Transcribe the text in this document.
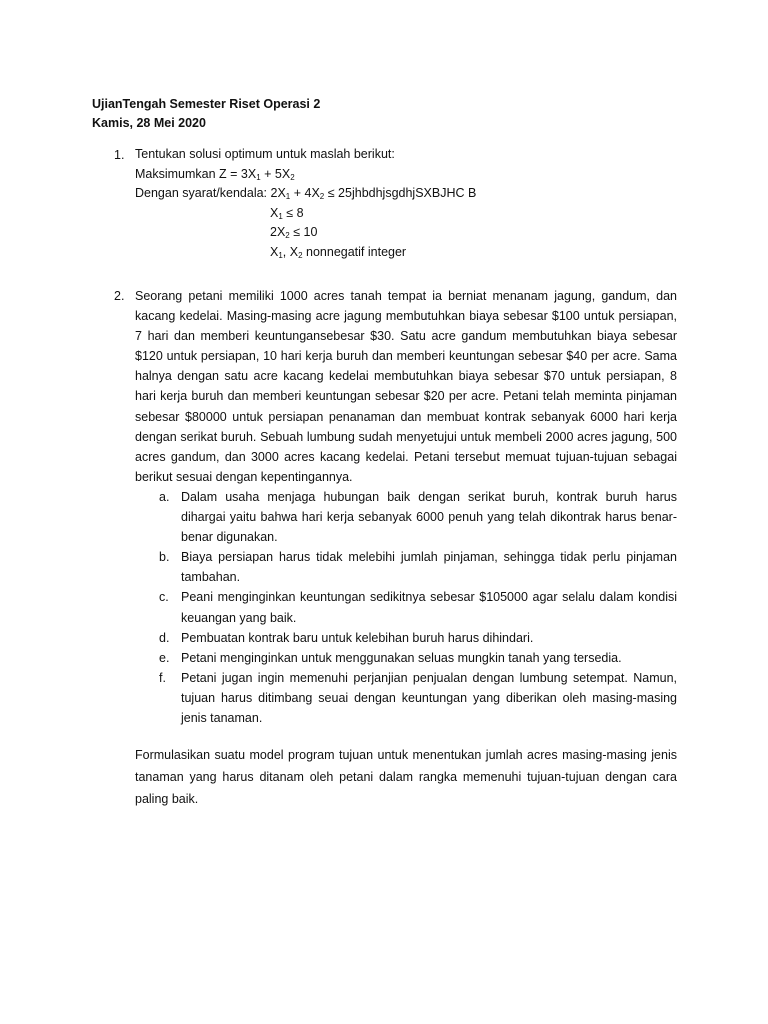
UjianTengah Semester Riset Operasi 2
Kamis, 28 Mei 2020
1. Tentukan solusi optimum untuk maslah berikut:
Maksimumkan $Z = 3X_1 + 5X_2$
Dengan syarat/kendala: $2X_1 + 4X_2$ ≤ 25jhbdhjsgdhjSXBJHC B
$X_1 \le 8$
$2X_2 \le 10$
$X_1$, $X_2$ nonnegatif integer
2. Seorang petani memiliki 1000 acres tanah tempat ia berniat menanam jagung, gandum, dan kacang kedelai. Masing-masing acre jagung membutuhkan biaya sebesar $100 untuk persiapan, 7 hari dan memberi keuntungansebesar $30. Satu acre gandum membutuhkan biaya sebesar $120 untuk persiapan, 10 hari kerja buruh dan memberi keuntungan sebesar $40 per acre. Sama halnya dengan satu acre kacang kedelai membutuhkan biaya sebesar $70 untuk persiapan, 8 hari kerja buruh dan memberi keuntungan sebesar $20 per acre. Petani telah meminta pinjaman sebesar $80000 untuk persiapan penanaman dan membuat kontrak sebanyak 6000 hari kerja dengan serikat buruh. Sebuah lumbung sudah menyetujui untuk membeli 2000 acres jagung, 500 acres gandum, dan 3000 acres kacang kedelai. Petani tersebut memuat tujuan-tujuan sebagai berikut sesuai dengan kepentingannya.
a. Dalam usaha menjaga hubungan baik dengan serikat buruh, kontrak buruh harus dihargai yaitu bahwa hari kerja sebanyak 6000 penuh yang telah dikontrak harus benar-benar digunakan.
b. Biaya persiapan harus tidak melebihi jumlah pinjaman, sehingga tidak perlu pinjaman tambahan.
c. Peani menginginkan keuntungan sedikitnya sebesar $105000 agar selalu dalam kondisi keuangan yang baik.
d. Pembuatan kontrak baru untuk kelebihan buruh harus dihindari.
e. Petani menginginkan untuk menggunakan seluas mungkin tanah yang tersedia.
f. Petani jugan ingin memenuhi perjanjian penjualan dengan lumbung setempat. Namun, tujuan harus ditimbang seuai dengan keuntungan yang diberikan oleh masing-masing jenis tanaman.
Formulasikan suatu model program tujuan untuk menentukan jumlah acres masing-masing jenis tanaman yang harus ditanam oleh petani dalam rangka memenuhi tujuan-tujuan dengan cara paling baik.
